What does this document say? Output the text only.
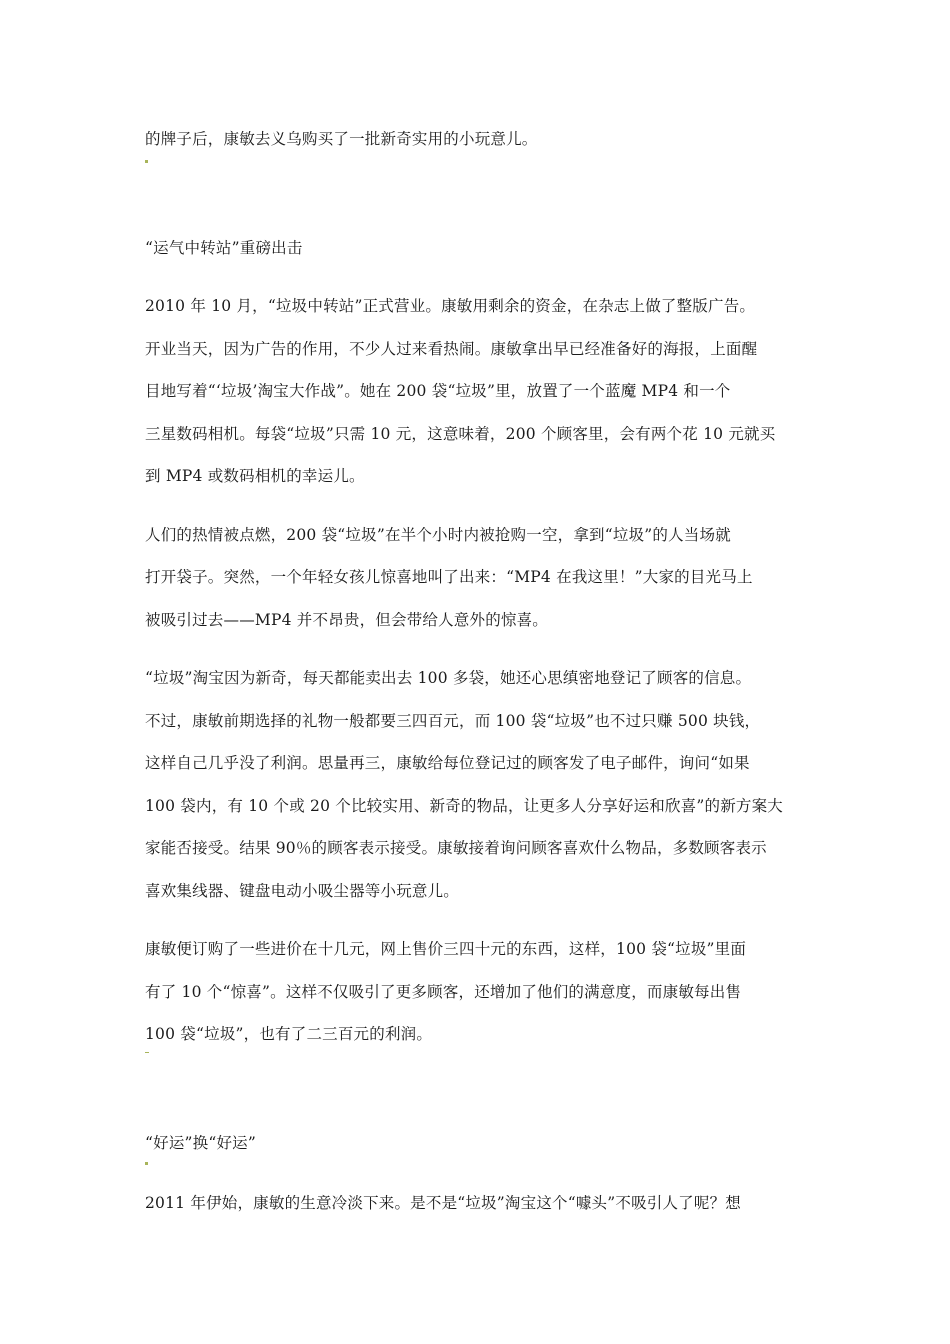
的牌子后，康敏去义乌购买了一批新奇实用的小玩意儿。
“运气中转站”重磅出击
2010 年 10 月，“垃圾中转站”正式营业。康敏用剩余的资金，在杂志上做了整版广告。
开业当天，因为广告的作用，不少人过来看热闹。康敏拿出早已经准备好的海报，上面醒
目地写着“‘垃圾’淘宝大作战”。她在 200 袋“垃圾”里，放置了一个蓝魔 MP4 和一个
三星数码相机。每袋“垃圾”只需 10 元，这意味着，200 个顾客里，会有两个花 10 元就买
到 MP4 或数码相机的幸运儿。
人们的热情被点燃，200 袋“垃圾”在半个小时内被抢购一空，拿到“垃圾”的人当场就
打开袋子。突然，一个年轻女孩儿惊喜地叫了出来：“MP4 在我这里！”大家的目光马上
被吸引过去——MP4 并不昂贵，但会带给人意外的惊喜。
“垃圾”淘宝因为新奇，每天都能卖出去 100 多袋，她还心思缜密地登记了顾客的信息。
不过，康敏前期选择的礼物一般都要三四百元，而 100 袋“垃圾”也不过只赚 500 块钱，
这样自己几乎没了利润。思量再三，康敏给每位登记过的顾客发了电子邮件，询问“如果
100 袋内，有 10 个或 20 个比较实用、新奇的物品，让更多人分享好运和欣喜”的新方案大
家能否接受。结果 90％的顾客表示接受。康敏接着询问顾客喜欢什么物品，多数顾客表示
喜欢集线器、键盘电动小吸尘器等小玩意儿。
康敏便订购了一些进价在十几元，网上售价三四十元的东西，这样，100 袋“垃圾”里面
有了 10 个“惊喜”。这样不仅吸引了更多顾客，还增加了他们的满意度，而康敏每出售
100 袋“垃圾”，也有了二三百元的利润。
“好运”换“好运”
2011 年伊始，康敏的生意冷淡下来。是不是“垃圾”淘宝这个“噱头”不吸引人了呢？想
